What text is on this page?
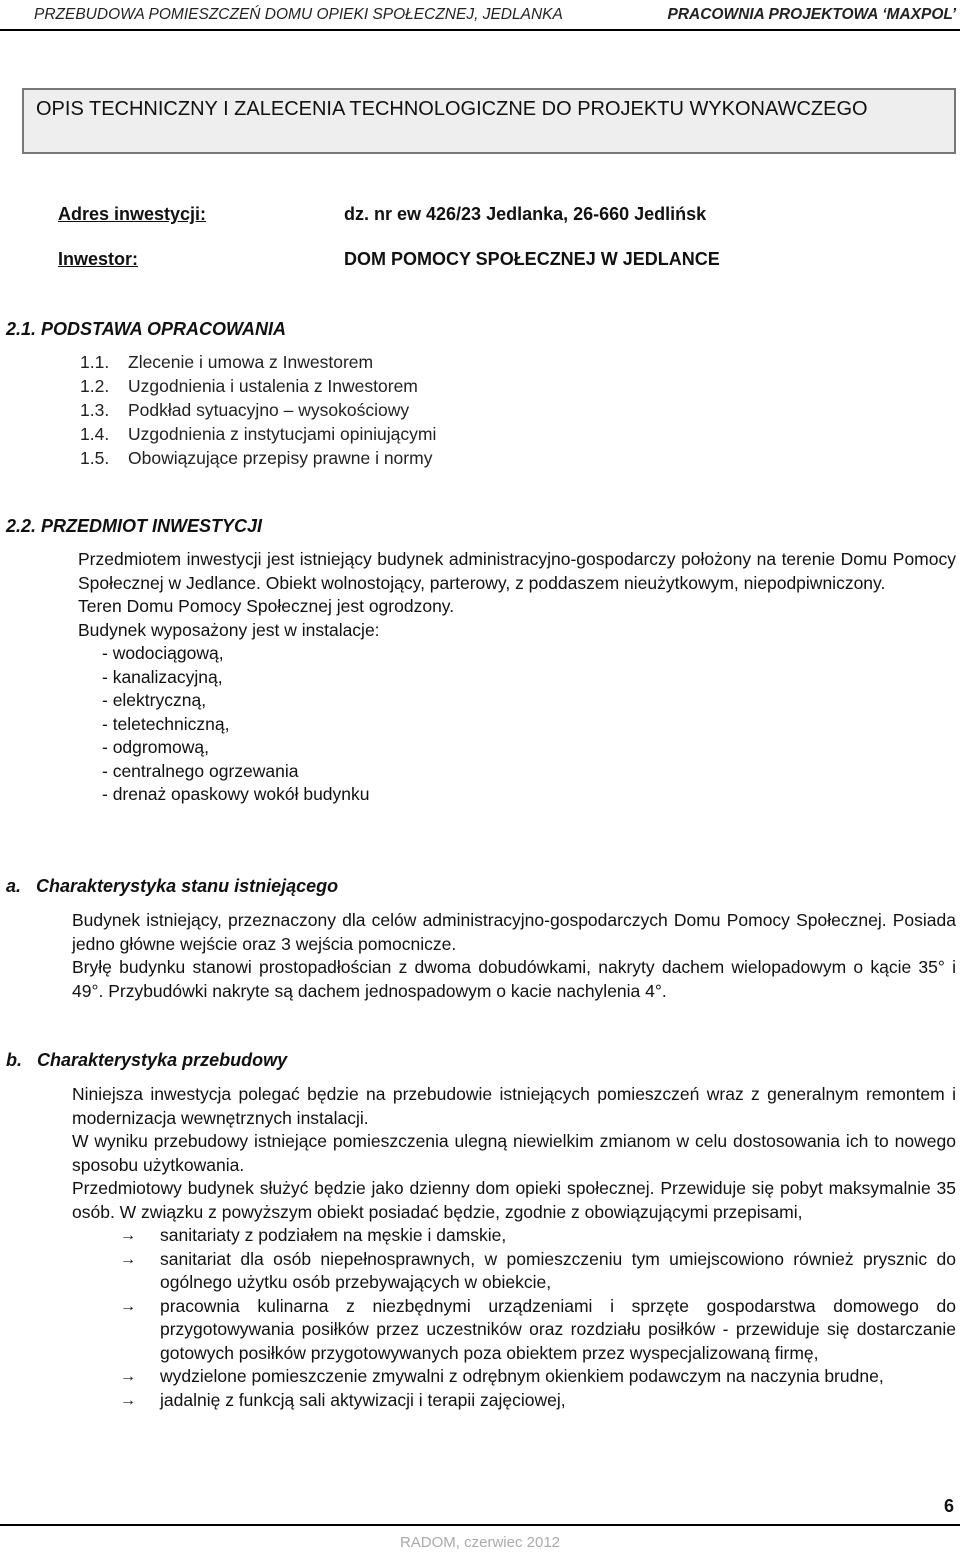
PRZEBUDOWA POMIESZCZEŃ DOMU OPIEKI SPOŁECZNEJ, JEDLANKA	PRACOWNIA PROJEKTOWA ‘MAXPOL’
OPIS TECHNICZNY I ZALECENIA TECHNOLOGICZNE DO PROJEKTU WYKONAWCZEGO
Adres inwestycji:	dz. nr ew 426/23 Jedlanka, 26-660 Jedlińsk
Inwestor:	DOM POMOCY SPOŁECZNEJ W JEDLANCE
2.1. PODSTAWA OPRACOWANIA
1.1.	Zlecenie i umowa z Inwestorem
1.2.	Uzgodnienia i ustalenia z Inwestorem
1.3.	Podkład sytuacyjno – wysokościowy
1.4.	Uzgodnienia z instytucjami opiniującymi
1.5.	Obowiązujące przepisy prawne i normy
2.2. PRZEDMIOT INWESTYCJI

Przedmiotem inwestycji jest istniejący budynek administracyjno-gospodarczy położony na terenie Domu Pomocy Społecznej w Jedlance. Obiekt wolnostojący, parterowy, z poddaszem nieużytkowym, niepodpiwniczony.

Teren Domu Pomocy Społecznej jest ogrodzony.

Budynek wyposażony jest w instalacje:

- wodociągową,
- kanalizacyjną,
- elektryczną,
- teletechniczną,
- odgromową,
- centralnego ogrzewania
- drenaż opaskowy wokół budynku
a.   Charakterystyka stanu istniejącego

Budynek istniejący, przeznaczony dla celów administracyjno-gospodarczych Domu Pomocy Społecznej. Posiada jedno główne wejście oraz 3 wejścia pomocnicze.

Bryłę budynku stanowi prostopadłościan z dwoma dobudówkami, nakryty dachem wielopadowym o kącie 35° i 49°. Przybudówki nakryte są dachem jednospadowym o kacie nachylenia 4°.

b.   Charakterystyka przebudowy

Niniejsza inwestycja polegać będzie na przebudowie istniejących pomieszczeń wraz z generalnym remontem i modernizacja wewnętrznych instalacji.

W wyniku przebudowy istniejące pomieszczenia ulegną niewielkim zmianom w celu dostosowania ich to nowego sposobu użytkowania.

Przedmiotowy budynek służyć będzie jako dzienny dom opieki społecznej. Przewiduje się pobyt maksymalnie 35 osób. W związku z powyższym obiekt posiadać będzie, zgodnie z obowiązującymi przepisami,

→	sanitariaty z podziałem na męskie i damskie,
→	sanitariat dla osób niepełnosprawnych, w pomieszczeniu tym umiejscowiono również prysznic do ogólnego użytku osób przebywających w obiekcie,
→	pracownia kulinarna z niezbędnymi urządzeniami i sprzęte gospodarstwa domowego do przygotowywania posiłków przez uczestników oraz rozdziału posiłków - przewiduje się dostarczanie gotowych posiłków przygotowywanych poza obiektem przez wyspecjalizowaną firmę,
→	wydzielone pomieszczenie zmywalni z odrębnym okienkiem podawczym na naczynia brudne,
→	jadalnię z funkcją sali aktywizacji i terapii zajęciowej,
6
RADOM, czerwiec 2012
